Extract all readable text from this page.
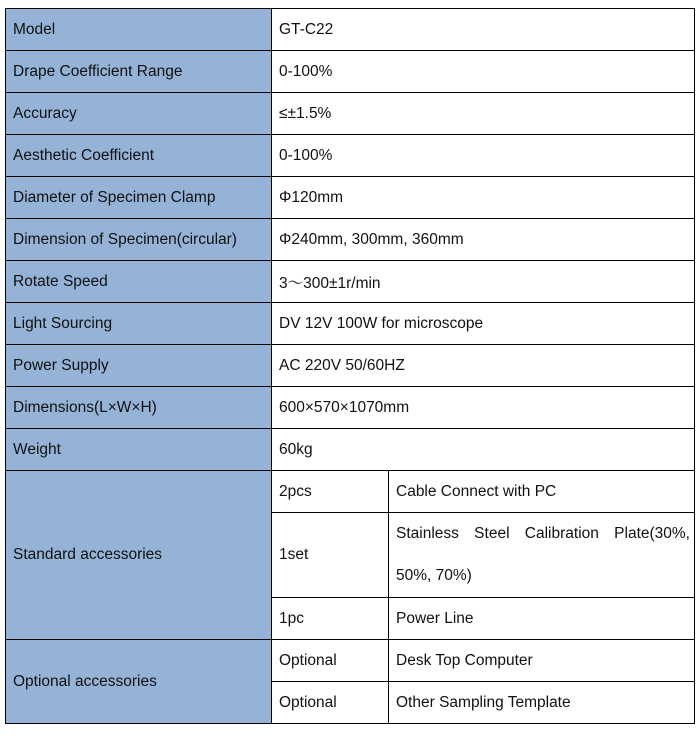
Model	GT-C22	
Drape Coefficient Range	0-100%	
Accuracy	≤±1.5%	
Aesthetic Coefficient	0-100%	
Diameter of Specimen Clamp	Φ120mm	
Dimension of Specimen(circular)	Φ240mm, 300mm, 360mm	
Rotate Speed	3～300±1r/min	
Light Sourcing	DV 12V 100W for microscope	
Power Supply	AC 220V 50/60HZ	
Dimensions(L×W×H)	600×570×1070mm	
Weight	60kg	
Standard accessories	2pcs	Cable Connect with PC
	1set	Stainless Steel Calibration Plate(30%, 50%, 70%)
	1pc	Power Line
Optional accessories	Optional	Desk Top Computer
	Optional	Other Sampling Template
